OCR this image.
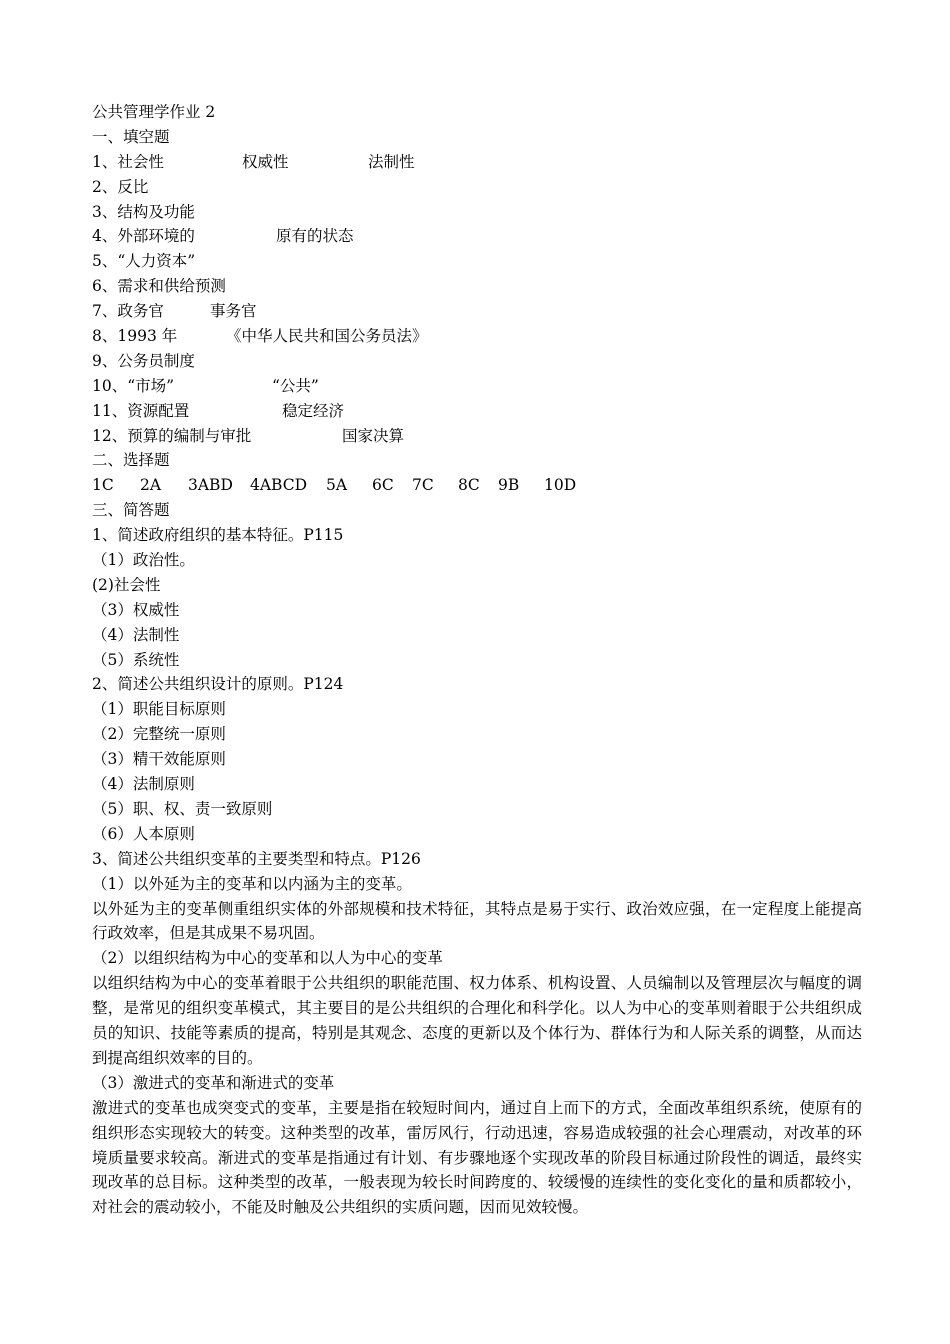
公共管理学作业 2
一、填空题
1、社会性	权威性	法制性
2、反比
3、结构及功能
4、外部环境的	原有的状态
5、“人力资本”
6、需求和供给预测
7、政务官	事务官
8、1993 年	《中华人民共和国公务员法》
9、公务员制度
10、“市场”	“公共”
11、资源配置	稳定经济
12、预算的编制与审批	国家决算
二、选择题
1C 2A 3ABD 4ABCD 5A 6C 7C 8C 9B 10D
三、简答题
1、简述政府组织的基本特征。P115
（1）政治性。
(2)社会性
（3）权威性
（4）法制性
（5）系统性
2、简述公共组织设计的原则。P124
（1）职能目标原则
（2）完整统一原则
（3）精干效能原则
（4）法制原则
（5）职、权、责一致原则
（6）人本原则
3、简述公共组织变革的主要类型和特点。P126
（1）以外延为主的变革和以内涵为主的变革。
以外延为主的变革侧重组织实体的外部规模和技术特征，其特点是易于实行、政治效应强，在一定程度上能提高行政效率，但是其成果不易巩固。
（2）以组织结构为中心的变革和以人为中心的变革
以组织结构为中心的变革着眼于公共组织的职能范围、权力体系、机构设置、人员编制以及管理层次与幅度的调整，是常见的组织变革模式，其主要目的是公共组织的合理化和科学化。以人为中心的变革则着眼于公共组织成员的知识、技能等素质的提高，特别是其观念、态度的更新以及个体行为、群体行为和人际关系的调整，从而达到提高组织效率的目的。
（3）激进式的变革和渐进式的变革
激进式的变革也成突变式的变革，主要是指在较短时间内，通过自上而下的方式，全面改革组织系统，使原有的组织形态实现较大的转变。这种类型的改革，雷厉风行，行动迅速，容易造成较强的社会心理震动，对改革的环境质量要求较高。渐进式的变革是指通过有计划、有步骤地逐个实现改革的阶段目标通过阶段性的调适，最终实现改革的总目标。这种类型的改革，一般表现为较长时间跨度的、较缓慢的连续性的变化变化的量和质都较小，对社会的震动较小，不能及时触及公共组织的实质问题，因而见效较慢。
